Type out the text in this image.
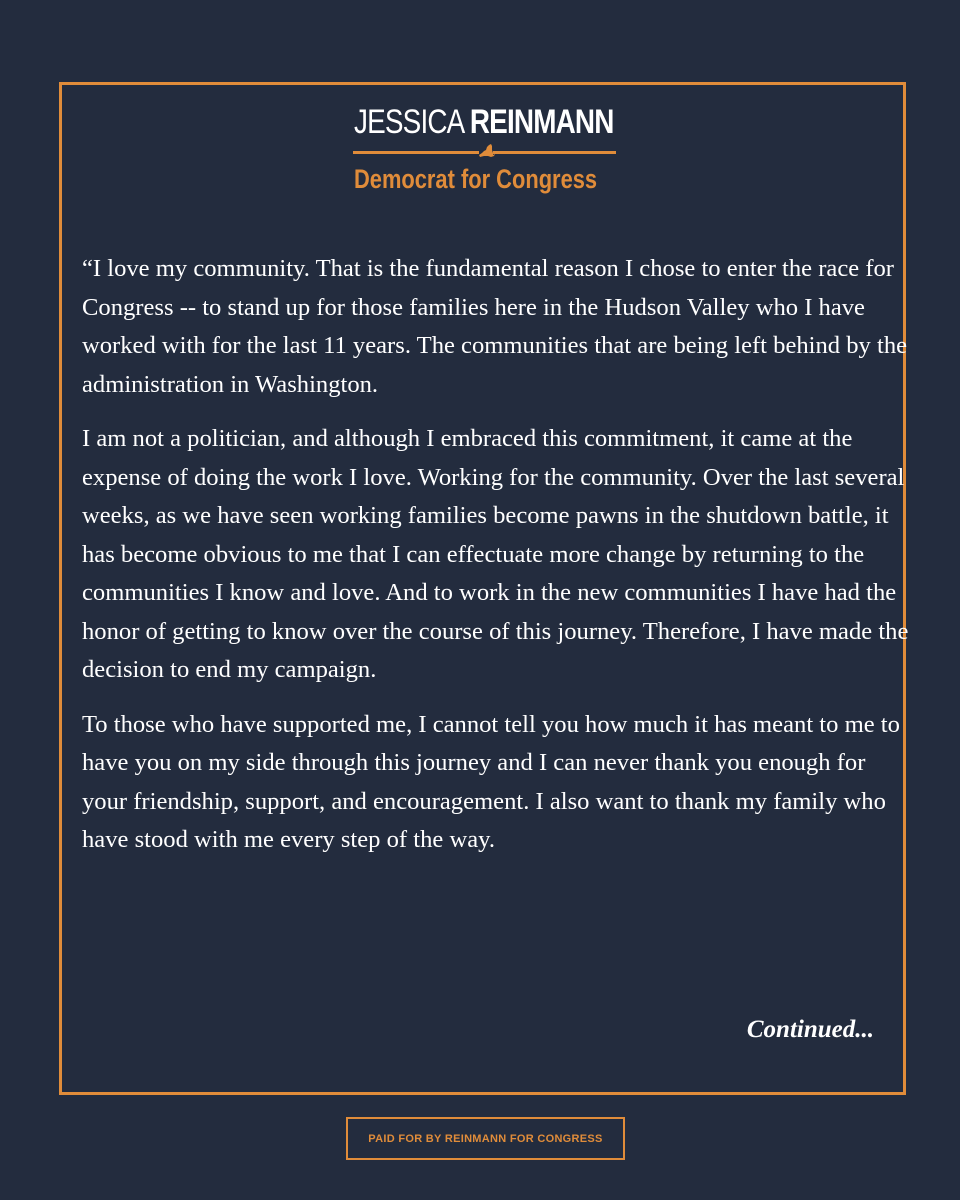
JESSICA REINMANN
Democrat for Congress

“I love my community. That is the fundamental reason I chose to enter the race for Congress -- to stand up for those families here in the Hudson Valley who I have worked with for the last 11 years. The communities that are being left behind by the administration in Washington.

I am not a politician, and although I embraced this commitment, it came at the expense of doing the work I love. Working for the community. Over the last several weeks, as we have seen working families become pawns in the shutdown battle, it has become obvious to me that I can effectuate more change by returning to the communities I know and love. And to work in the new communities I have had the honor of getting to know over the course of this journey. Therefore, I have made the decision to end my campaign.

To those who have supported me, I cannot tell you how much it has meant to me to have you on my side through this journey and I can never thank you enough for your friendship, support, and encouragement. I also want to thank my family who have stood with me every step of the way.

Continued...
PAID FOR BY REINMANN FOR CONGRESS
